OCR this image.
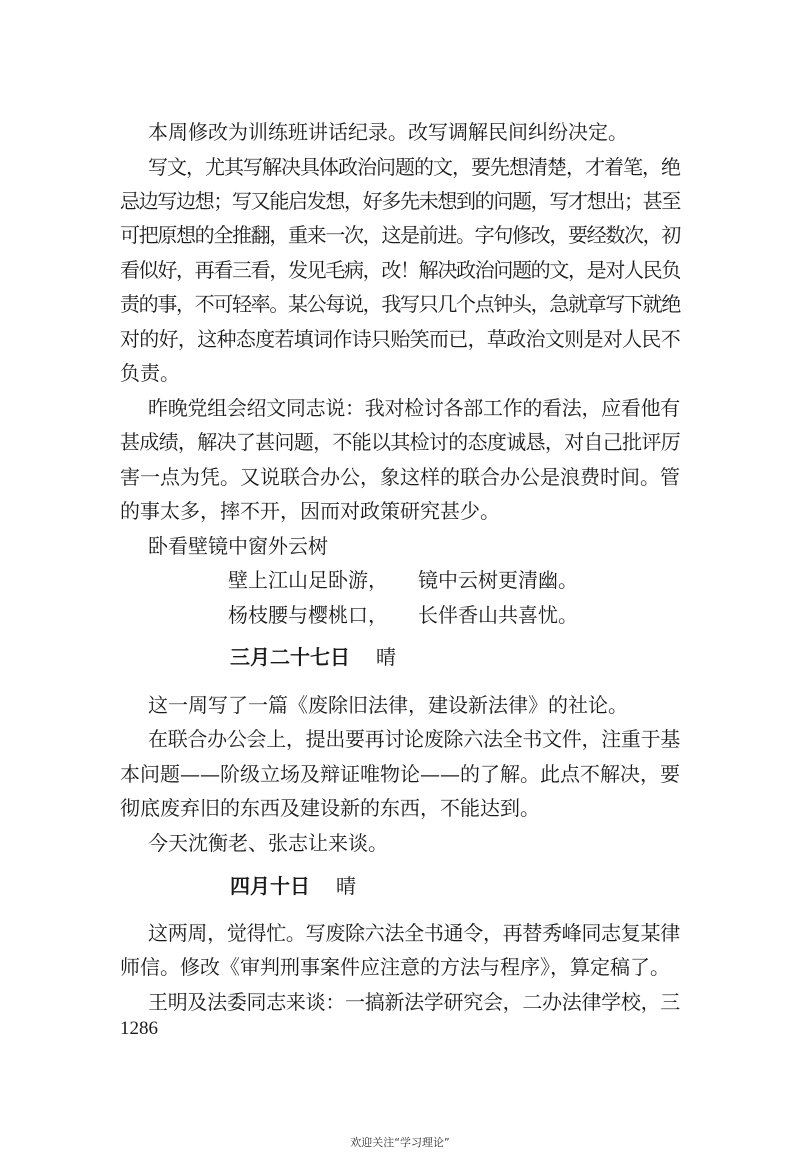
本周修改为训练班讲话纪录。改写调解民间纠纷决定。

写文，尤其写解决具体政治问题的文，要先想清楚，才着笔，绝

忌边写边想；写又能启发想，好多先未想到的问题，写才想出；甚至

可把原想的全推翻，重来一次，这是前进。字句修改，要经数次，初

看似好，再看三看，发见毛病，改！解决政治问题的文，是对人民负

责的事，不可轻率。某公每说，我写只几个点钟头，急就章写下就绝

对的好，这种态度若填词作诗只贻笑而已，草政治文则是对人民不

负责。

昨晚党组会绍文同志说：我对检讨各部工作的看法，应看他有

甚成绩，解决了甚问题，不能以其检讨的态度诚恳，对自己批评厉

害一点为凭。又说联合办公，象这样的联合办公是浪费时间。管

的事太多，摔不开，因而对政策研究甚少。

卧看壁镜中窗外云树

壁上江山足卧游， 镜中云树更清幽。

杨枝腰与樱桃口， 长伴香山共喜忧。

三月二十七日 晴

这一周写了一篇《废除旧法律，建设新法律》的社论。

在联合办公会上，提出要再讨论废除六法全书文件，注重于基

本问题——阶级立场及辩证唯物论——的了解。此点不解决，要

彻底废弃旧的东西及建设新的东西，不能达到。

今天沈衡老、张志让来谈。

四月十日 晴

这两周，觉得忙。写废除六法全书通令，再替秀峰同志复某律

师信。修改《审判刑事案件应注意的方法与程序》，算定稿了。

王明及法委同志来谈：一搞新法学研究会，二办法律学校，三

1286
欢迎关注“学习理论”
